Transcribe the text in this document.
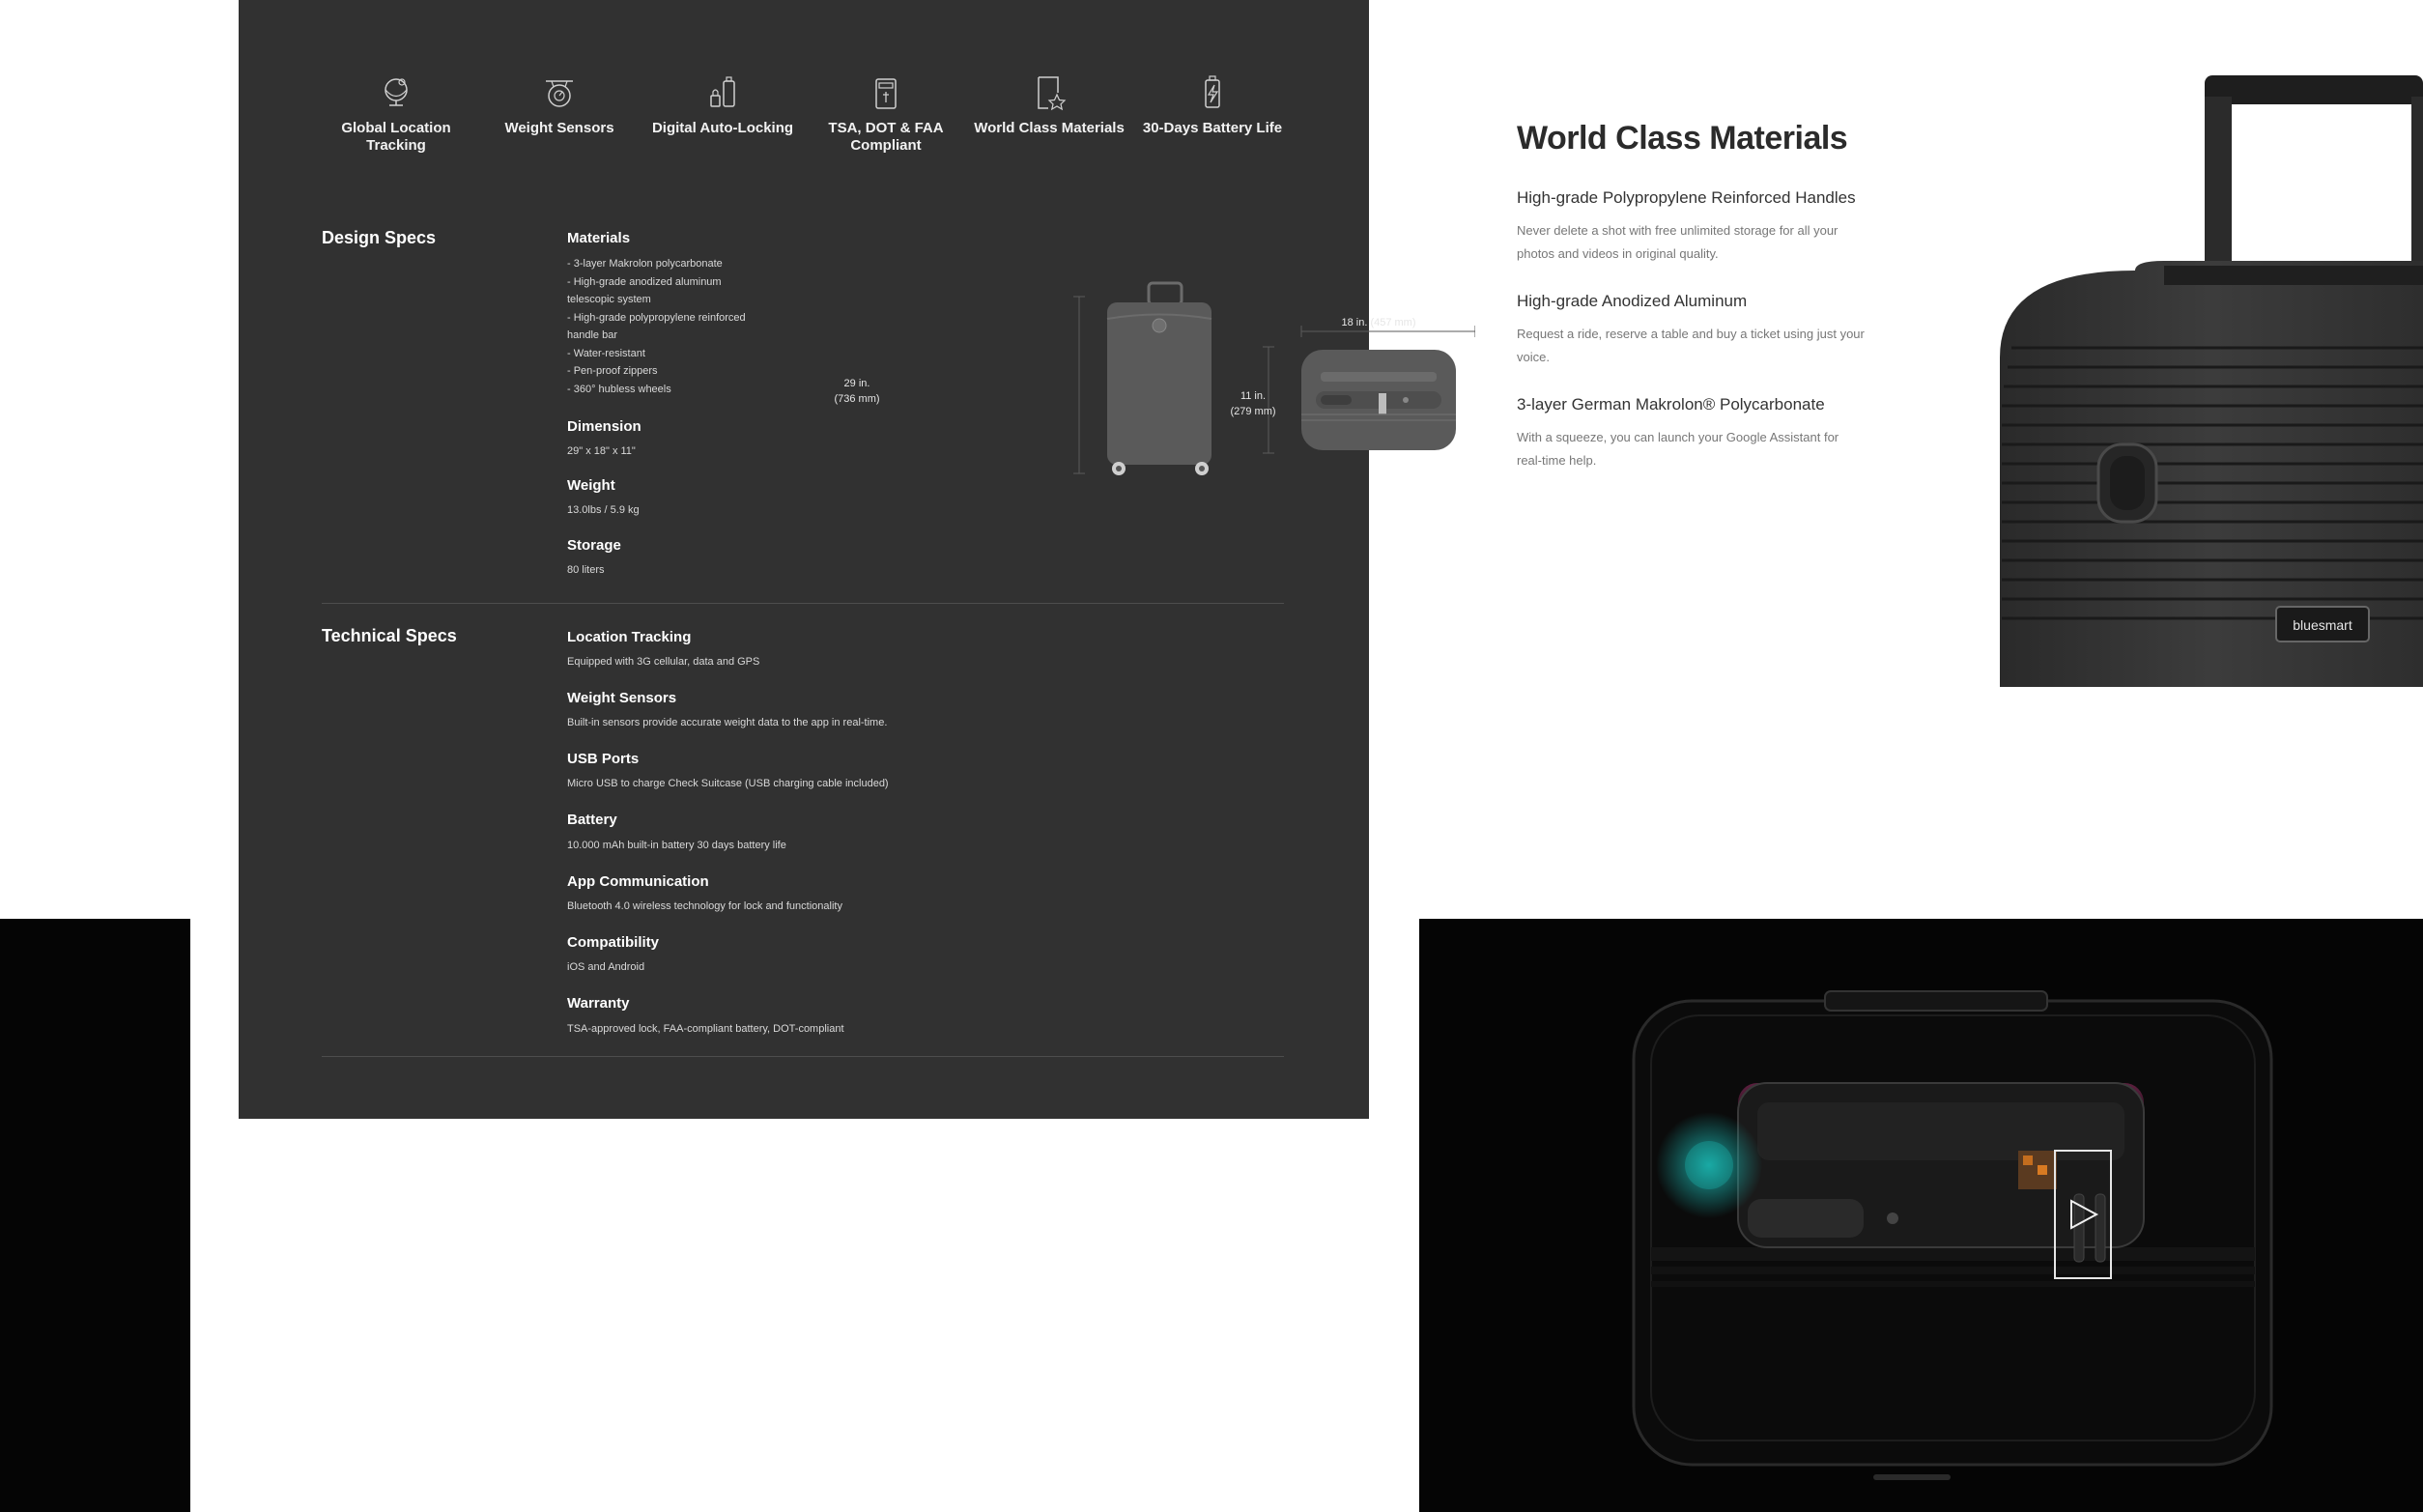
Global Location Tracking
Weight Sensors	Digital Auto-Locking	TSA, DOT & FAA Compliant
World Class Materials	30-Days Battery Life
Design Specs	Materials
- 3-layer Makrolon polycarbonate
- High-grade anodized aluminum
telescopic system
- High-grade polypropylene reinforced
handle bar
- Water-resistant
- Pen-proof zippers
- 360° hubless wheels
Dimension
29" x 18" x 11"
Weight
13.0lbs / 5.9 kg
Storage
80 liters
29 in.
(736 mm)
18 in. (457 mm)
11 in.
(279 mm)
Technical Specs	Location Tracking
Equipped with 3G cellular, data and GPS
Weight Sensors
Built-in sensors provide accurate weight data to the app in real-time.
USB Ports
Micro USB to charge Check Suitcase (USB charging cable included)
Battery
10.000 mAh built-in battery 30 days battery life
App Communication
Bluetooth 4.0 wireless technology for lock and functionality
Compatibility
iOS and Android
Warranty
TSA-approved lock, FAA-compliant battery, DOT-compliant
World Class Materials
High-grade Polypropylene Reinforced Handles
Never delete a shot with free unlimited storage for all your
photos and videos in original quality.
High-grade Anodized Aluminum
Request a ride, reserve a table and buy a ticket using just your
voice.
3-layer German Makrolon® Polycarbonate
With a squeeze, you can launch your Google Assistant for
real-time help.
bluesmart
